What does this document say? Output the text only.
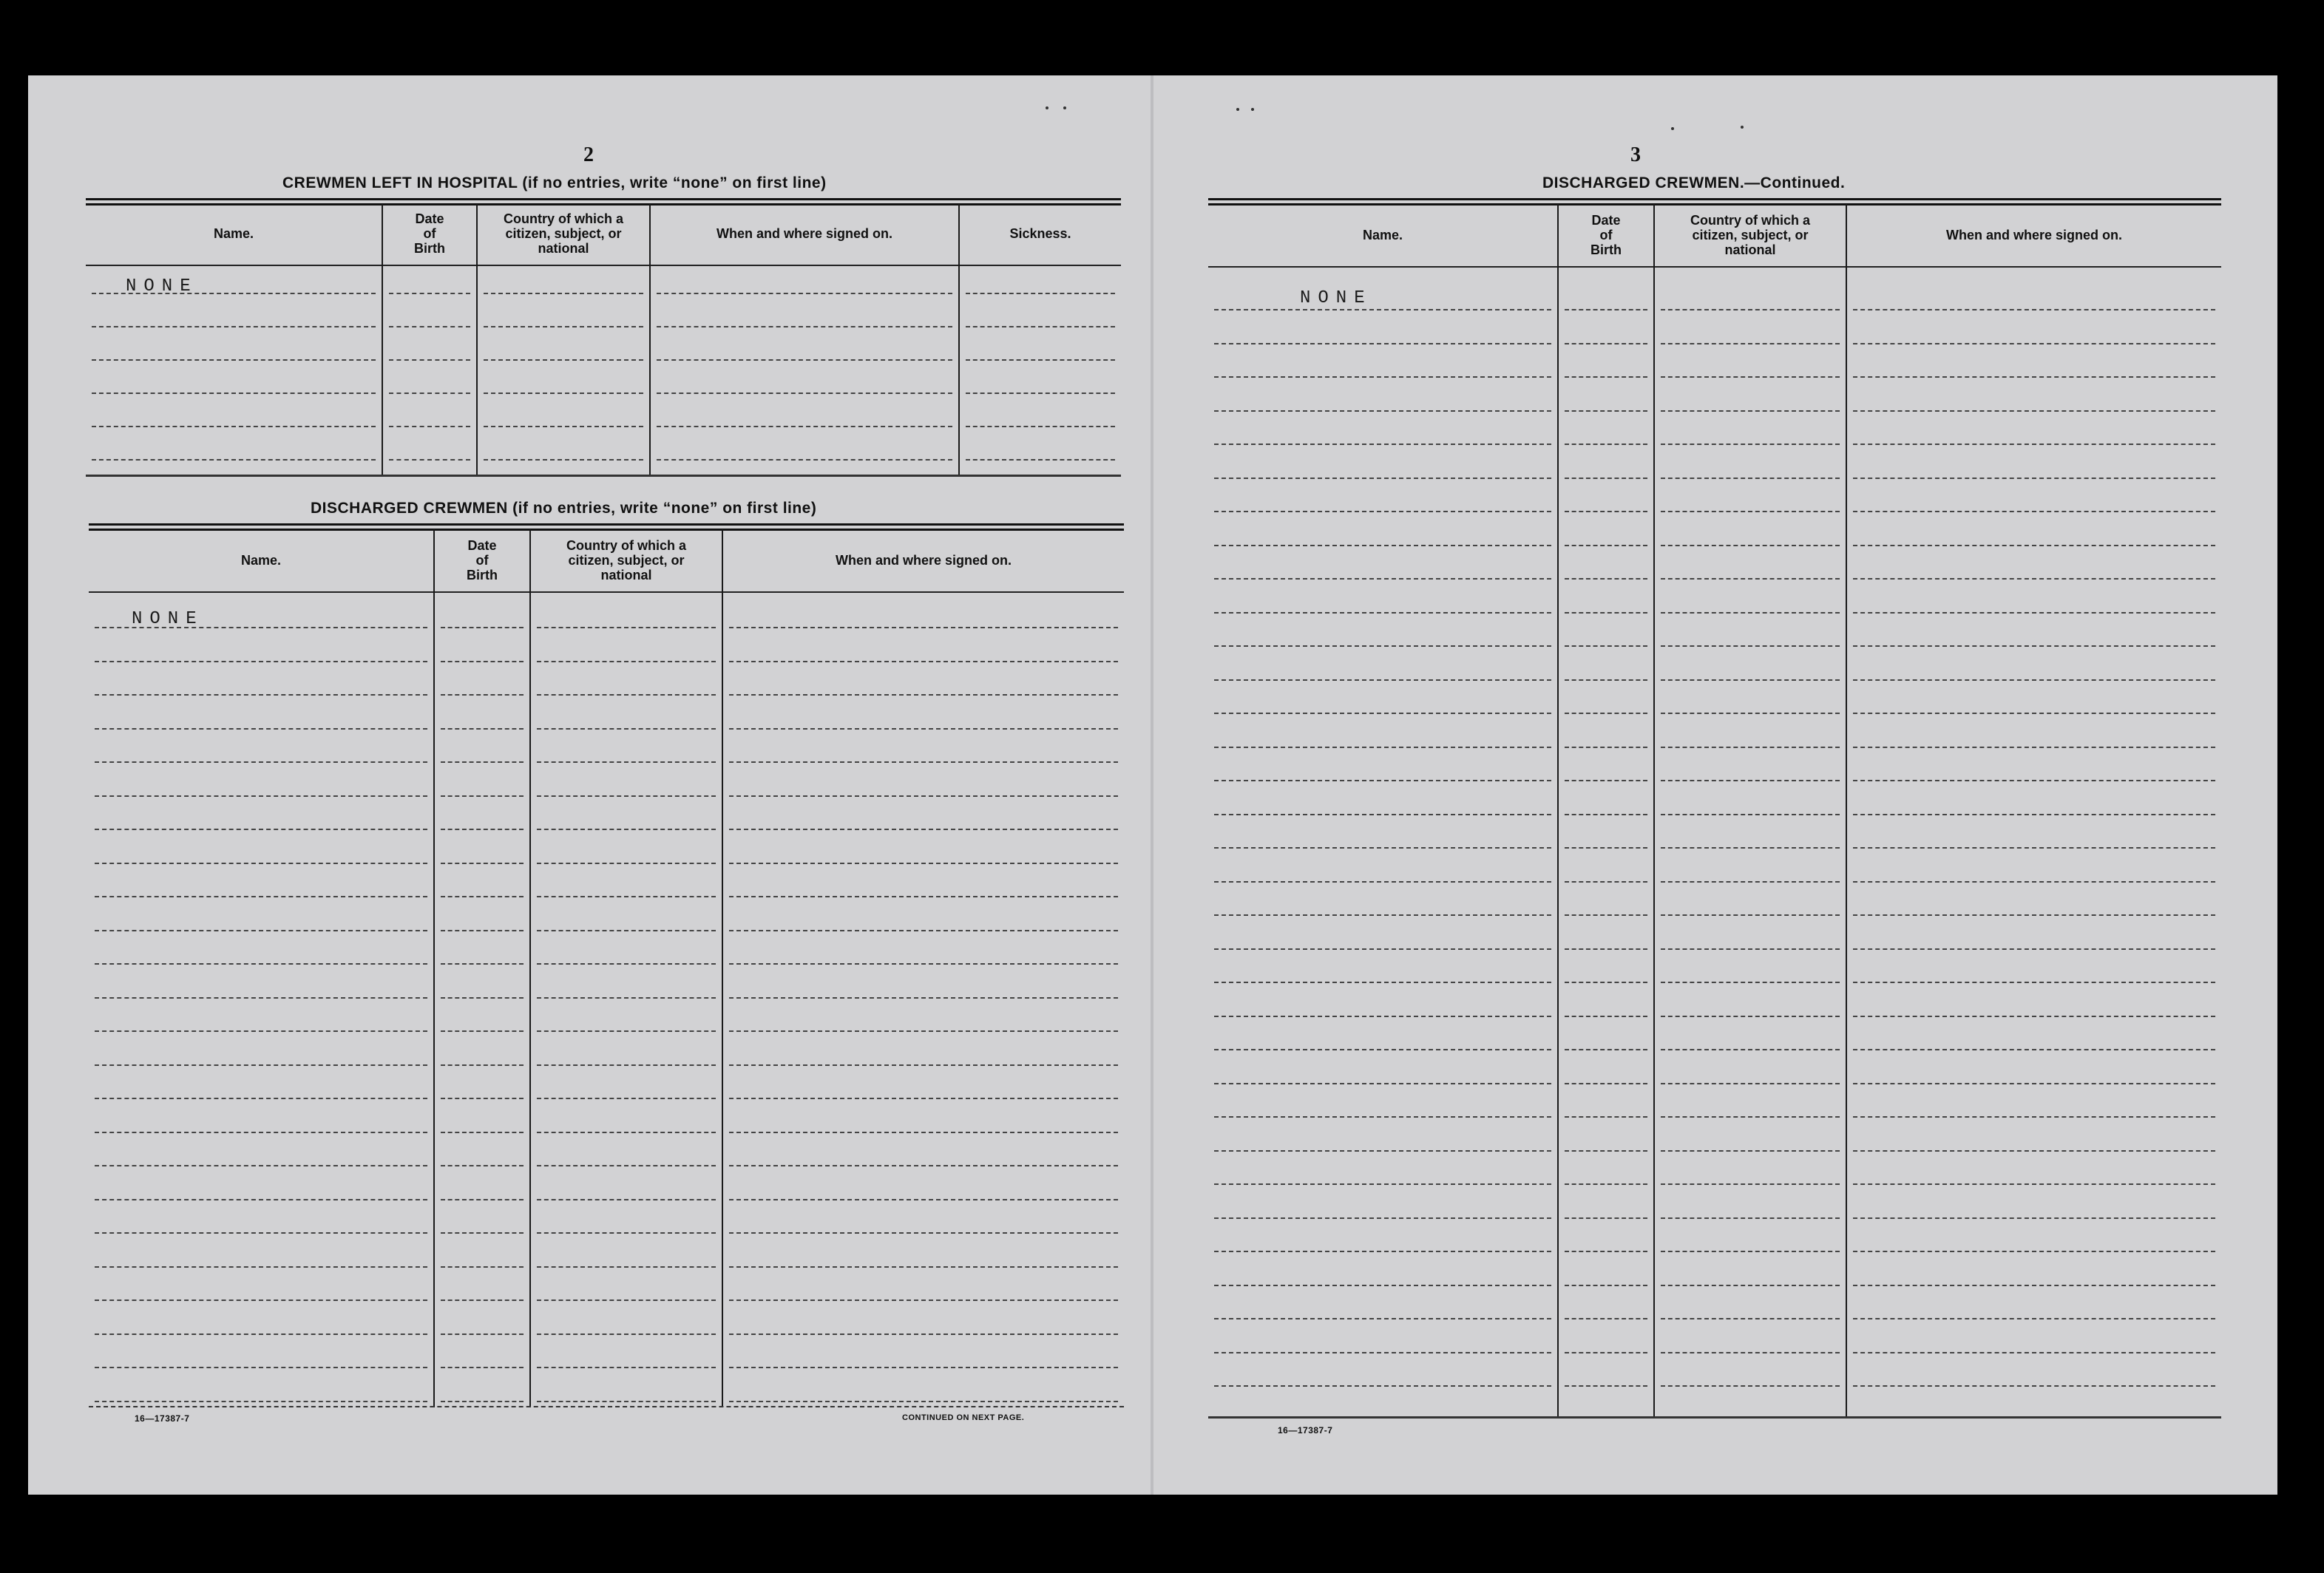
2
CREWMEN LEFT IN HOSPITAL (if no entries, write “none” on first line)
Name.
NONE
Date
of
Birth
Country of which a
citizen, subject, or
national
When and where signed on.	Sickness.
DISCHARGED CREWMEN (if no entries, write “none” on first line)
Name.
NONE
Date
of
Birth
Country of which a
citizen, subject, or
national
When and where signed on.
16—17387-7	CONTINUED ON NEXT PAGE.
3
DISCHARGED CREWMEN.—Continued.
Name.
NONE
Date
of
Birth
Country of which a
citizen, subject, or
national
When and where signed on.
16—17387-7
